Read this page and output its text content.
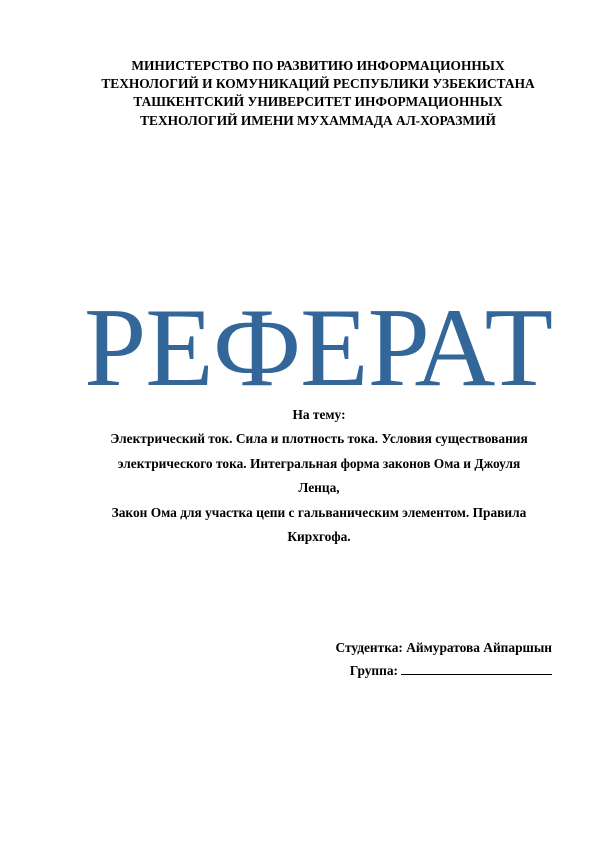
МИНИСТЕРСТВО ПО РАЗВИТИЮ ИНФОРМАЦИОННЫХ
ТЕХНОЛОГИЙ И КОМУНИКАЦИЙ РЕСПУБЛИКИ УЗБЕКИСТАНА
ТАШКЕНТСКИЙ УНИВЕРСИТЕТ ИНФОРМАЦИОННЫХ
ТЕХНОЛОГИЙ ИМЕНИ МУХАММАДА АЛ-ХОРАЗМИЙ
РЕФЕРАТ
На тему:
Электрический ток. Сила и плотность тока. Условия существования
электрического тока. Интегральная форма законов Ома и Джоуля
Ленца,
Закон Ома для участка цепи с гальваническим элементом. Правила
Кирхгофа.
Студентка: Аймуратова Айпаршын
Группа:
